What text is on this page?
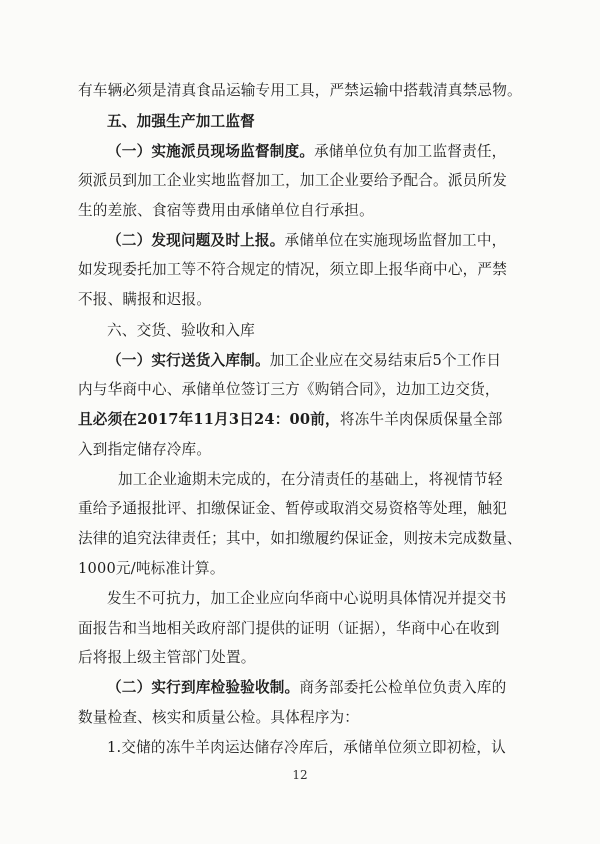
有车辆必须是清真食品运输专用工具，严禁运输中搭载清真禁忌物。
五、加强生产加工监督
（一）实施派员现场监督制度。承储单位负有加工监督责任，
须派员到加工企业实地监督加工，加工企业要给予配合。派员所发
生的差旅、食宿等费用由承储单位自行承担。
（二）发现问题及时上报。承储单位在实施现场监督加工中，
如发现委托加工等不符合规定的情况，须立即上报华商中心，严禁
不报、瞒报和迟报。
六、交货、验收和入库
（一）实行送货入库制。加工企业应在交易结束后5个工作日
内与华商中心、承储单位签订三方《购销合同》，边加工边交货，
且必须在2017年11月3日24：00前，将冻牛羊肉保质保量全部
入到指定储存冷库。
加工企业逾期未完成的，在分清责任的基础上，将视情节轻
重给予通报批评、扣缴保证金、暂停或取消交易资格等处理，触犯
法律的追究法律责任；其中，如扣缴履约保证金，则按未完成数量、
1000元/吨标准计算。
发生不可抗力，加工企业应向华商中心说明具体情况并提交书
面报告和当地相关政府部门提供的证明（证据），华商中心在收到
后将报上级主管部门处置。
（二）实行到库检验验收制。商务部委托公检单位负责入库的
数量检查、核实和质量公检。具体程序为：
1.交储的冻牛羊肉运达储存冷库后，承储单位须立即初检，认
12
